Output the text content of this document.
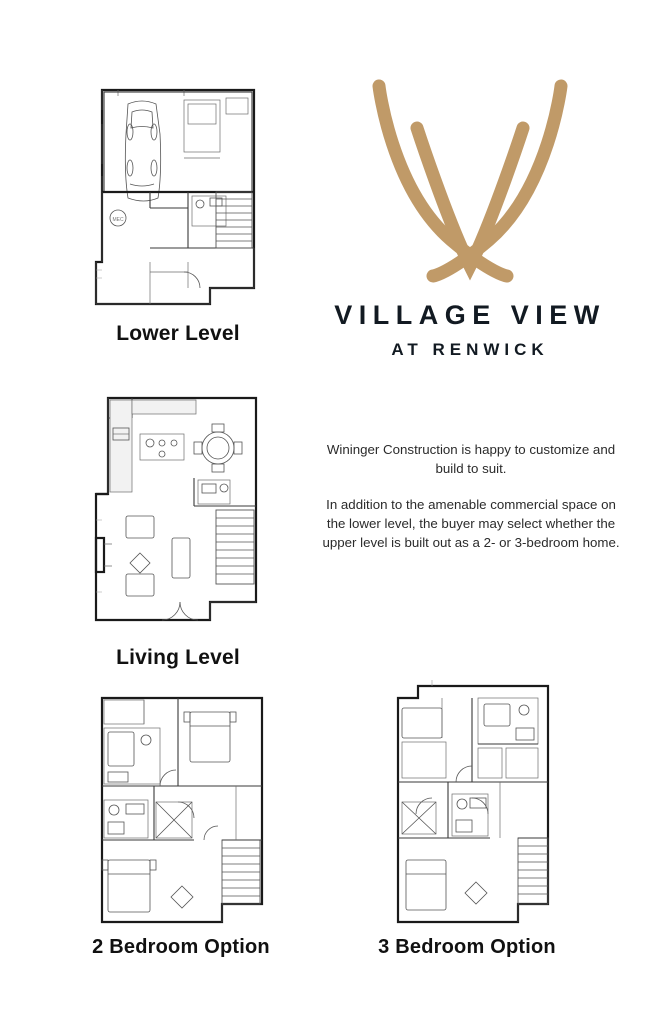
MEC
Lower Level
VILLAGE VIEW
AT RENWICK

Wininger Construction is happy to customize and build to suit.

In addition to the amenable commercial space on the lower level, the buyer may select whether the upper level is built out as a 2- or 3-bedroom home.

Living Level
2 Bedroom Option	3 Bedroom Option
